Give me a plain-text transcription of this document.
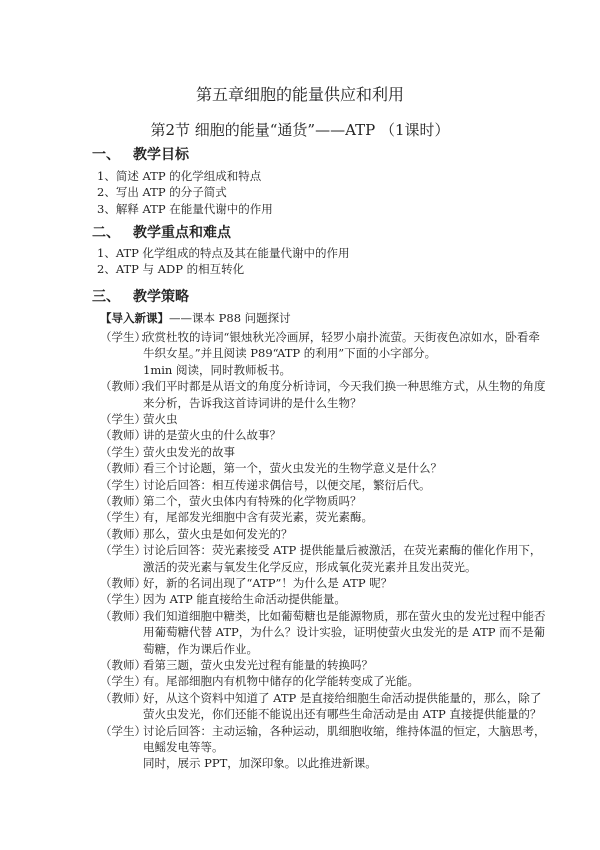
第五章细胞的能量供应和利用
第2节 细胞的能量“通货”——ATP （1课时）
一、 教学目标
1、简述 ATP 的化学组成和特点
2、写出 ATP 的分子简式
3、解释 ATP 在能量代谢中的作用
二、 教学重点和难点
1、ATP 化学组成的特点及其在能量代谢中的作用
2、ATP 与 ADP 的相互转化
三、 教学策略
【导入新课】——课本 P88 问题探讨
（学生）：
欣赏杜牧的诗词“银烛秋光冷画屏，轻罗小扇扑流萤。天街夜色凉如水，卧看牵
牛织女星。”并且阅读 P89“ATP 的利用”下面的小字部分。
1min 阅读，同时教师板书。
（教师）：
我们平时都是从语文的角度分析诗词，今天我们换一种思维方式，从生物的角度
来分析，告诉我这首诗词讲的是什么生物？
（学生）
萤火虫
（教师）
讲的是萤火虫的什么故事？
（学生）
萤火虫发光的故事
（教师）
看三个讨论题，第一个，萤火虫发光的生物学意义是什么？
（学生）
讨论后回答：相互传递求偶信号，以便交尾，繁衍后代。
（教师）
第二个，萤火虫体内有特殊的化学物质吗？
（学生）
有，尾部发光细胞中含有荧光素，荧光素酶。
（教师）
那么，萤火虫是如何发光的？
（学生）
讨论后回答：荧光素接受 ATP 提供能量后被激活，在荧光素酶的催化作用下，
激活的荧光素与氧发生化学反应，形成氧化荧光素并且发出荧光。
（教师）
好，新的名词出现了“ATP”！为什么是 ATP 呢？
（学生）
因为 ATP 能直接给生命活动提供能量。
（教师）
我们知道细胞中糖类，比如葡萄糖也是能源物质，那在萤火虫的发光过程中能否
用葡萄糖代替 ATP，为什么？设计实验，证明使萤火虫发光的是 ATP 而不是葡
萄糖，作为课后作业。
（教师）
看第三题，萤火虫发光过程有能量的转换吗？
（学生）
有。尾部细胞内有机物中储存的化学能转变成了光能。
（教师）
好，从这个资料中知道了 ATP 是直接给细胞生命活动提供能量的，那么，除了
萤火虫发光，你们还能不能说出还有哪些生命活动是由 ATP 直接提供能量的？
（学生）
讨论后回答：主动运输，各种运动，肌细胞收缩，维持体温的恒定，大脑思考，
电鳐发电等等。
同时，展示 PPT，加深印象。以此推进新课。
